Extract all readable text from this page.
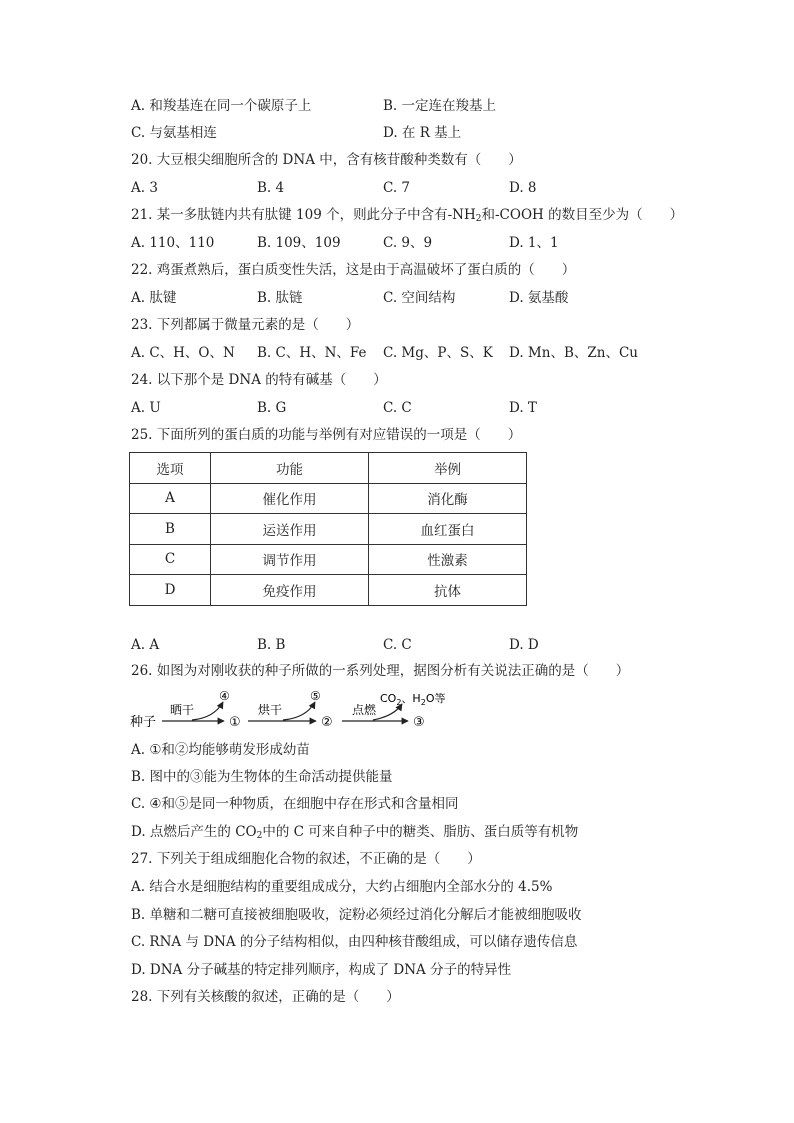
A. 和羧基连在同一个碳原子上	B. 一定连在羧基上
C. 与氨基相连	D. 在 R 基上
20. 大豆根尖细胞所含的 DNA 中，含有核苷酸种类数有（　　）
A. 3	B. 4	C. 7	D. 8
21. 某一多肽链内共有肽键 109 个，则此分子中含有$-NH_2$和-COOH 的数目至少为（　　）
A. 110、110	B. 109、109	C. 9、9	D. 1、1
22. 鸡蛋煮熟后，蛋白质变性失活，这是由于高温破坏了蛋白质的（　　）
A. 肽键	B. 肽链	C. 空间结构	D. 氨基酸
23. 下列都属于微量元素的是（　　）
A. C、H、O、N B. C、H、N、Fe C. Mg、P、S、K D. Mn、B、Zn、Cu
24. 以下那个是 DNA 的特有碱基（　　）
A. U	B. G	C. C	D. T
25. 下面所列的蛋白质的功能与举例有对应错误的一项是（　　）
选项	功能	举例
A	催化作用	消化酶
B	运送作用	血红蛋白
C	调节作用	性激素
D	免疫作用	抗体
A. A	B. B	C. C	D. D
26. 如图为对刚收获的种子所做的一系列处理，据图分析有关说法正确的是（　　）
种子
晒干
④
①
烘干
⑤
②
点燃
$CO_2$、$H_2O$等
③
A. ①和②均能够萌发形成幼苗
B. 图中的③能为生物体的生命活动提供能量
C. ④和⑤是同一种物质，在细胞中存在形式和含量相同
D. 点燃后产生的 $CO_2$中的 C 可来自种子中的糖类、脂肪、蛋白质等有机物
27. 下列关于组成细胞化合物的叙述，不正确的是（　　）
A. 结合水是细胞结构的重要组成成分，大约占细胞内全部水分的 4.5%
B. 单糖和二糖可直接被细胞吸收，淀粉必须经过消化分解后才能被细胞吸收
C. RNA 与 DNA 的分子结构相似，由四种核苷酸组成，可以储存遗传信息
D. DNA 分子碱基的特定排列顺序，构成了 DNA 分子的特异性
28. 下列有关核酸的叙述，正确的是（　　）
